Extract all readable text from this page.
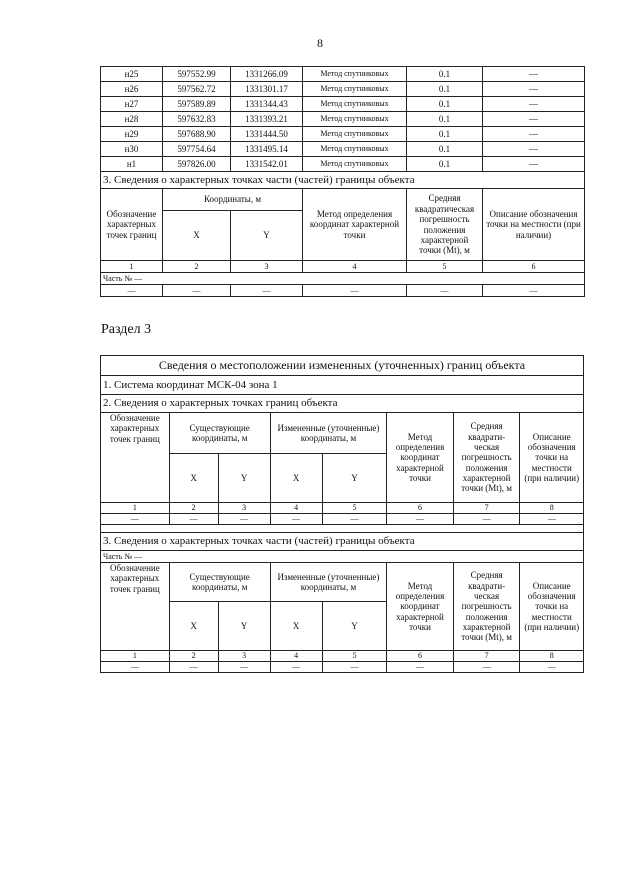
8
н25	597552.99	1331266.09	Метод спутниковых	0.1	—
н26	597562.72	1331301.17	Метод спутниковых	0.1	—
н27	597589.89	1331344.43	Метод спутниковых	0.1	—
н28	597632.83	1331393.21	Метод спутниковых	0.1	—
н29	597688.90	1331444.50	Метод спутниковых	0.1	—
н30	597754.64	1331495.14	Метод спутниковых	0.1	—
н1	597826.00	1331542.01	Метод спутниковых	0.1	—
3. Сведения о характерных точках части (частей) границы объекта					
Обозначение характерных точек границ	Координаты, м		Метод определения координат характерной точки	Средняя квадратическая погрешность положения характерной точки (Mt), м	Описание обозначения точки на местности (при наличии)
	X	Y			
1	2	3	4	5	6
Часть № —					
—	—	—	—	—	—
Раздел 3
Сведения о местоположении измененных (уточненных) границ объекта							
1. Система координат МСК-04 зона 1							
2. Сведения о характерных точках границ объекта							
Обозначение характерных точек границ	Существующие координаты, м		Измененные (уточненные) координаты, м		Метод определения координат характерной точки	Средняя квадрати-ческая погрешность положения характерной точки (Mt), м	Описание обозначения точки на местности (при наличии)
	X	Y	X	Y			
1	2	3	4	5	6	7	8
—	—	—	—	—	—	—	—

3. Сведения о характерных точках части (частей) границы объекта							
Часть № —							
Обозначение характерных точек границ	Существующие координаты, м		Измененные (уточненные) координаты, м		Метод определения координат характерной точки	Средняя квадрати-ческая погрешность положения характерной точки (Mt), м	Описание обозначения точки на местности (при наличии)
	X	Y	X	Y			
1	2	3	4	5	6	7	8
—	—	—	—	—	—	—	—
